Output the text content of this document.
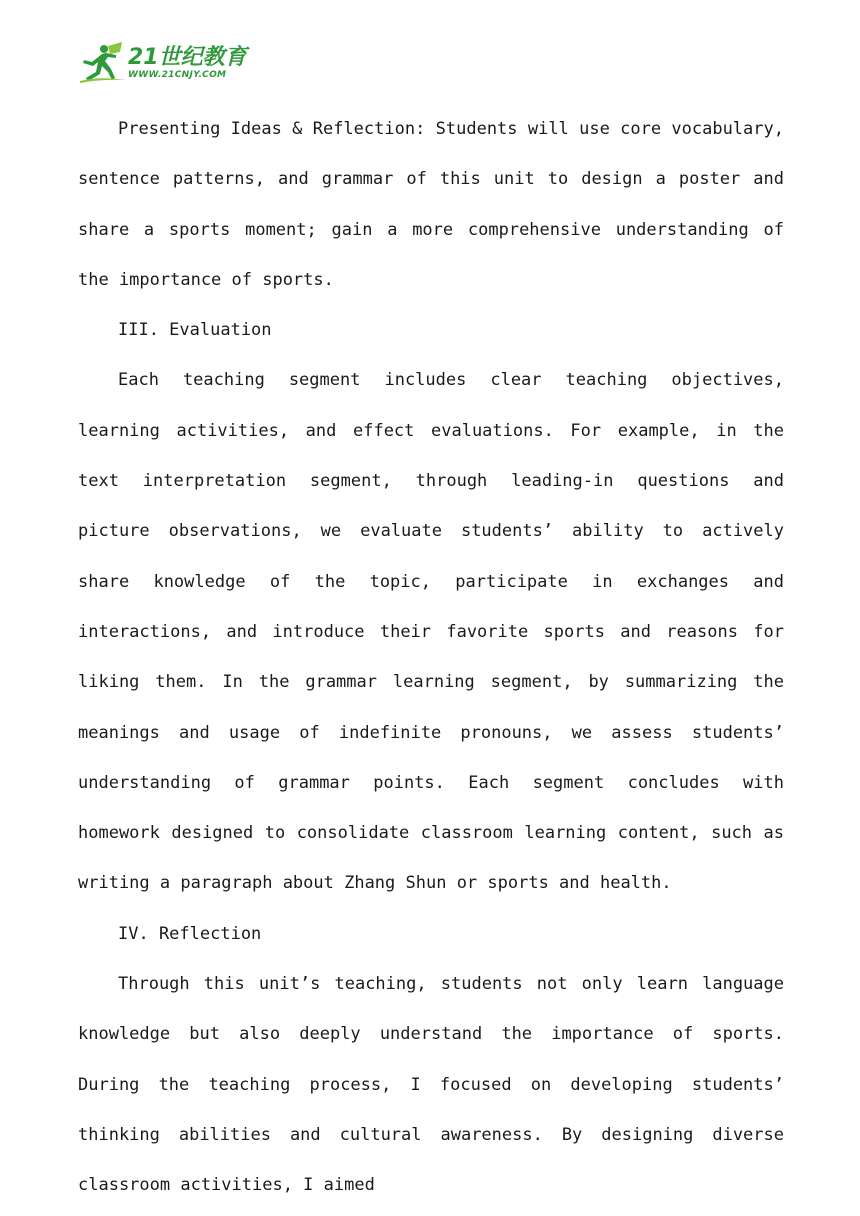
21世纪教育
WWW.21CNJY.COM

Presenting Ideas & Reflection: Students will use core vocabulary, sentence patterns, and grammar of this unit to design a poster and share a sports moment; gain a more comprehensive understanding of the importance of sports.

III. Evaluation

Each teaching segment includes clear teaching objectives, learning activities, and effect evaluations. For example, in the text interpretation segment, through leading-in questions and picture observations, we evaluate students’ ability to actively share knowledge of the topic, participate in exchanges and interactions, and introduce their favorite sports and reasons for liking them. In the grammar learning segment, by summarizing the meanings and usage of indefinite pronouns, we assess students’ understanding of grammar points. Each segment concludes with homework designed to consolidate classroom learning content, such as writing a paragraph about Zhang Shun or sports and health.

IV. Reflection

Through this unit’s teaching, students not only learn language knowledge but also deeply understand the importance of sports. During the teaching process, I focused on developing students’ thinking abilities and cultural awareness. By designing diverse classroom activities, I aimed
